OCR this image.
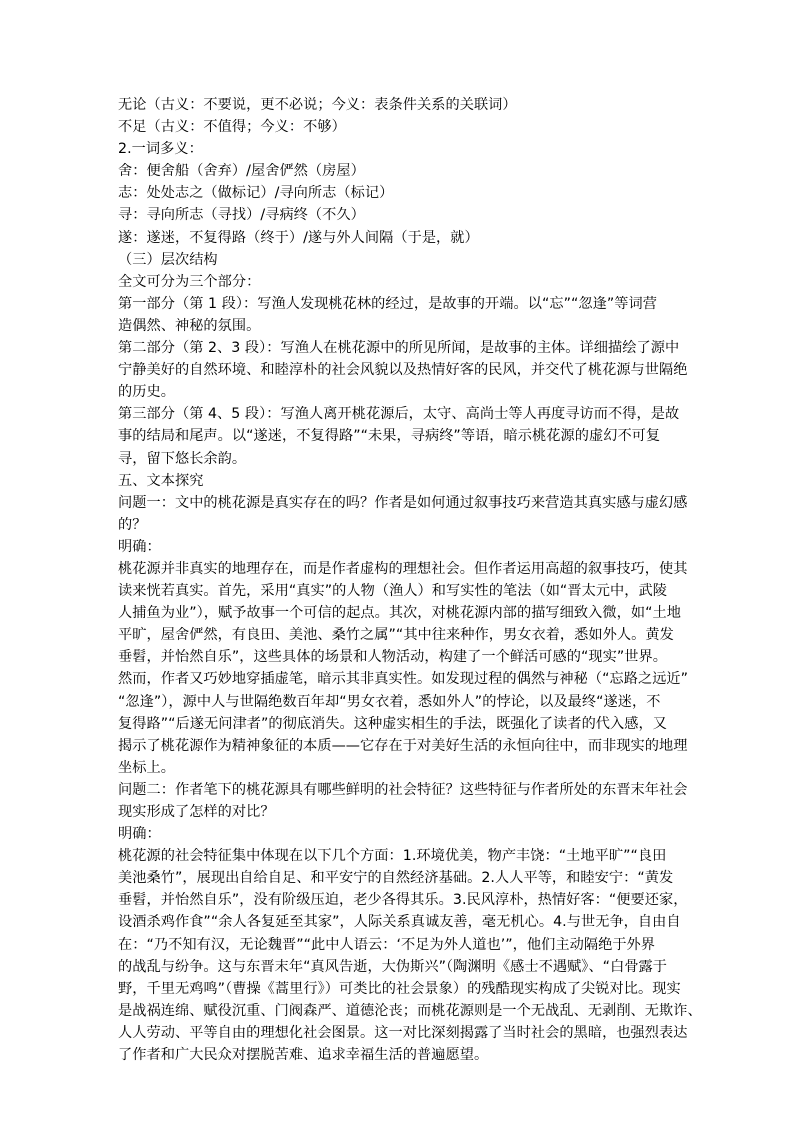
无论（古义：不要说，更不必说；今义：表条件关系的关联词）
不足（古义：不值得；今义：不够）
2.一词多义：
舍：便舍船（舍弃）/屋舍俨然（房屋）
志：处处志之（做标记）/寻向所志（标记）
寻：寻向所志（寻找）/寻病终（不久）
遂：遂迷，不复得路（终于）/遂与外人间隔（于是，就）
（三）层次结构
全文可分为三个部分：
第一部分（第 1 段）：写渔人发现桃花林的经过，是故事的开端。以“忘”“忽逢”等词营
造偶然、神秘的氛围。
第二部分（第 2、3 段）：写渔人在桃花源中的所见所闻，是故事的主体。详细描绘了源中
宁静美好的自然环境、和睦淳朴的社会风貌以及热情好客的民风，并交代了桃花源与世隔绝
的历史。
第三部分（第 4、5 段）：写渔人离开桃花源后，太守、高尚士等人再度寻访而不得，是故
事的结局和尾声。以“遂迷，不复得路”“未果，寻病终”等语，暗示桃花源的虚幻不可复
寻，留下悠长余韵。
五、文本探究
问题一：文中的桃花源是真实存在的吗？作者是如何通过叙事技巧来营造其真实感与虚幻感
的？
明确：
桃花源并非真实的地理存在，而是作者虚构的理想社会。但作者运用高超的叙事技巧，使其
读来恍若真实。首先，采用“真实”的人物（渔人）和写实性的笔法（如“晋太元中，武陵
人捕鱼为业”），赋予故事一个可信的起点。其次，对桃花源内部的描写细致入微，如“土地
平旷，屋舍俨然，有良田、美池、桑竹之属”“其中往来种作，男女衣着，悉如外人。黄发
垂髫，并怡然自乐”，这些具体的场景和人物活动，构建了一个鲜活可感的“现实”世界。
然而，作者又巧妙地穿插虚笔，暗示其非真实性。如发现过程的偶然与神秘（“忘路之远近”
“忽逢”），源中人与世隔绝数百年却“男女衣着，悉如外人”的悖论，以及最终“遂迷，不
复得路”“后遂无问津者”的彻底消失。这种虚实相生的手法，既强化了读者的代入感，又
揭示了桃花源作为精神象征的本质——它存在于对美好生活的永恒向往中，而非现实的地理
坐标上。
问题二：作者笔下的桃花源具有哪些鲜明的社会特征？这些特征与作者所处的东晋末年社会
现实形成了怎样的对比？
明确：
桃花源的社会特征集中体现在以下几个方面：1.环境优美，物产丰饶：“土地平旷”“良田
美池桑竹”，展现出自给自足、和平安宁的自然经济基础。2.人人平等，和睦安宁：“黄发
垂髫，并怡然自乐”，没有阶级压迫，老少各得其乐。3.民风淳朴，热情好客：“便要还家，
设酒杀鸡作食”“余人各复延至其家”，人际关系真诚友善，毫无机心。4.与世无争，自由自
在：“乃不知有汉，无论魏晋”“此中人语云：‘不足为外人道也’”，他们主动隔绝于外界
的战乱与纷争。这与东晋末年“真风告逝，大伪斯兴”（陶渊明《感士不遇赋》、“白骨露于
野，千里无鸡鸣”（曹操《蒿里行》）可类比的社会景象）的残酷现实构成了尖锐对比。现实
是战祸连绵、赋役沉重、门阀森严、道德沦丧；而桃花源则是一个无战乱、无剥削、无欺诈、
人人劳动、平等自由的理想化社会图景。这一对比深刻揭露了当时社会的黑暗，也强烈表达
了作者和广大民众对摆脱苦难、追求幸福生活的普遍愿望。
